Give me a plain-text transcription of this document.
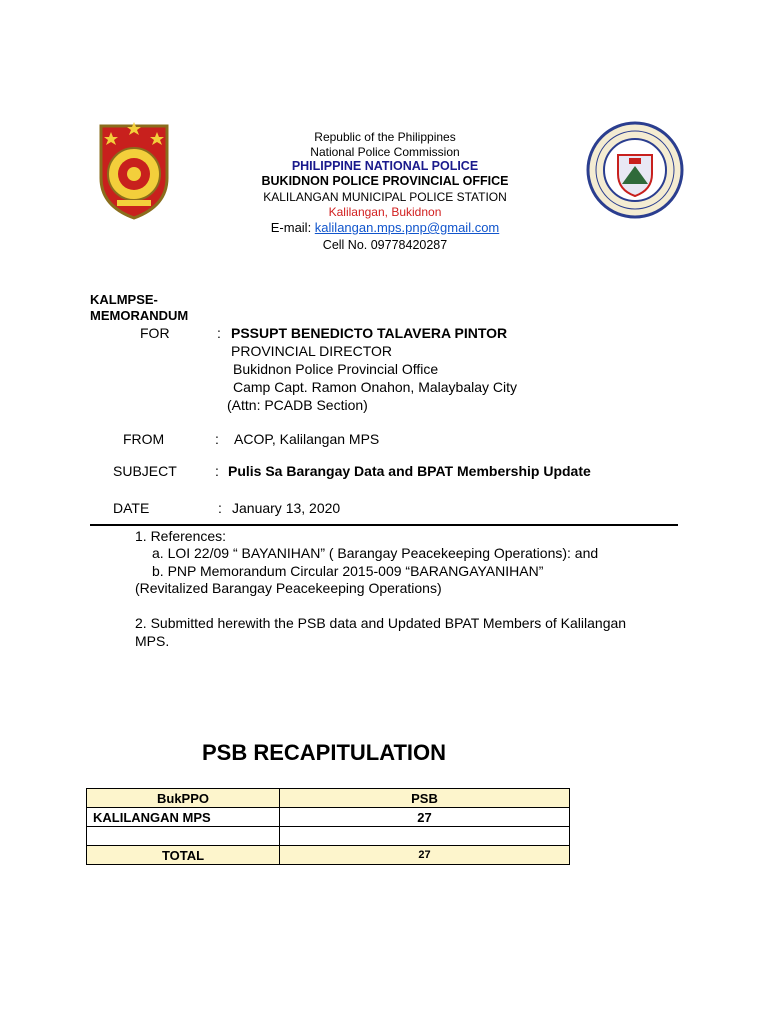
Republic of the Philippines
National Police Commission
PHILIPPINE NATIONAL POLICE
BUKIDNON POLICE PROVINCIAL OFFICE
KALILANGAN MUNICIPAL POLICE STATION
Kalilangan, Bukidnon
E-mail: kalilangan.mps.pnp@gmail.com
Cell No. 09778420287
KALMPSE-
MEMORANDUM
FOR	: PSSUPT BENEDICTO TALAVERA PINTOR
PROVINCIAL DIRECTOR
Bukidnon Police Provincial Office
Camp Capt. Ramon Onahon, Malaybalay City
(Attn: PCADB Section)
FROM	: ACOP, Kalilangan MPS
SUBJECT	: Pulis Sa Barangay Data and BPAT Membership Update
DATE	: January 13, 2020
1. References:
a. LOI 22/09 “ BAYANIHAN” ( Barangay Peacekeeping Operations): and
b. PNP Memorandum Circular 2015-009 “BARANGAYANIHAN”
(Revitalized Barangay Peacekeeping Operations)
2. Submitted herewith the PSB data and Updated BPAT Members of Kalilangan
MPS.
PSB RECAPITULATION
BukPPO	PSB
KALILANGAN MPS	27

TOTAL	27
